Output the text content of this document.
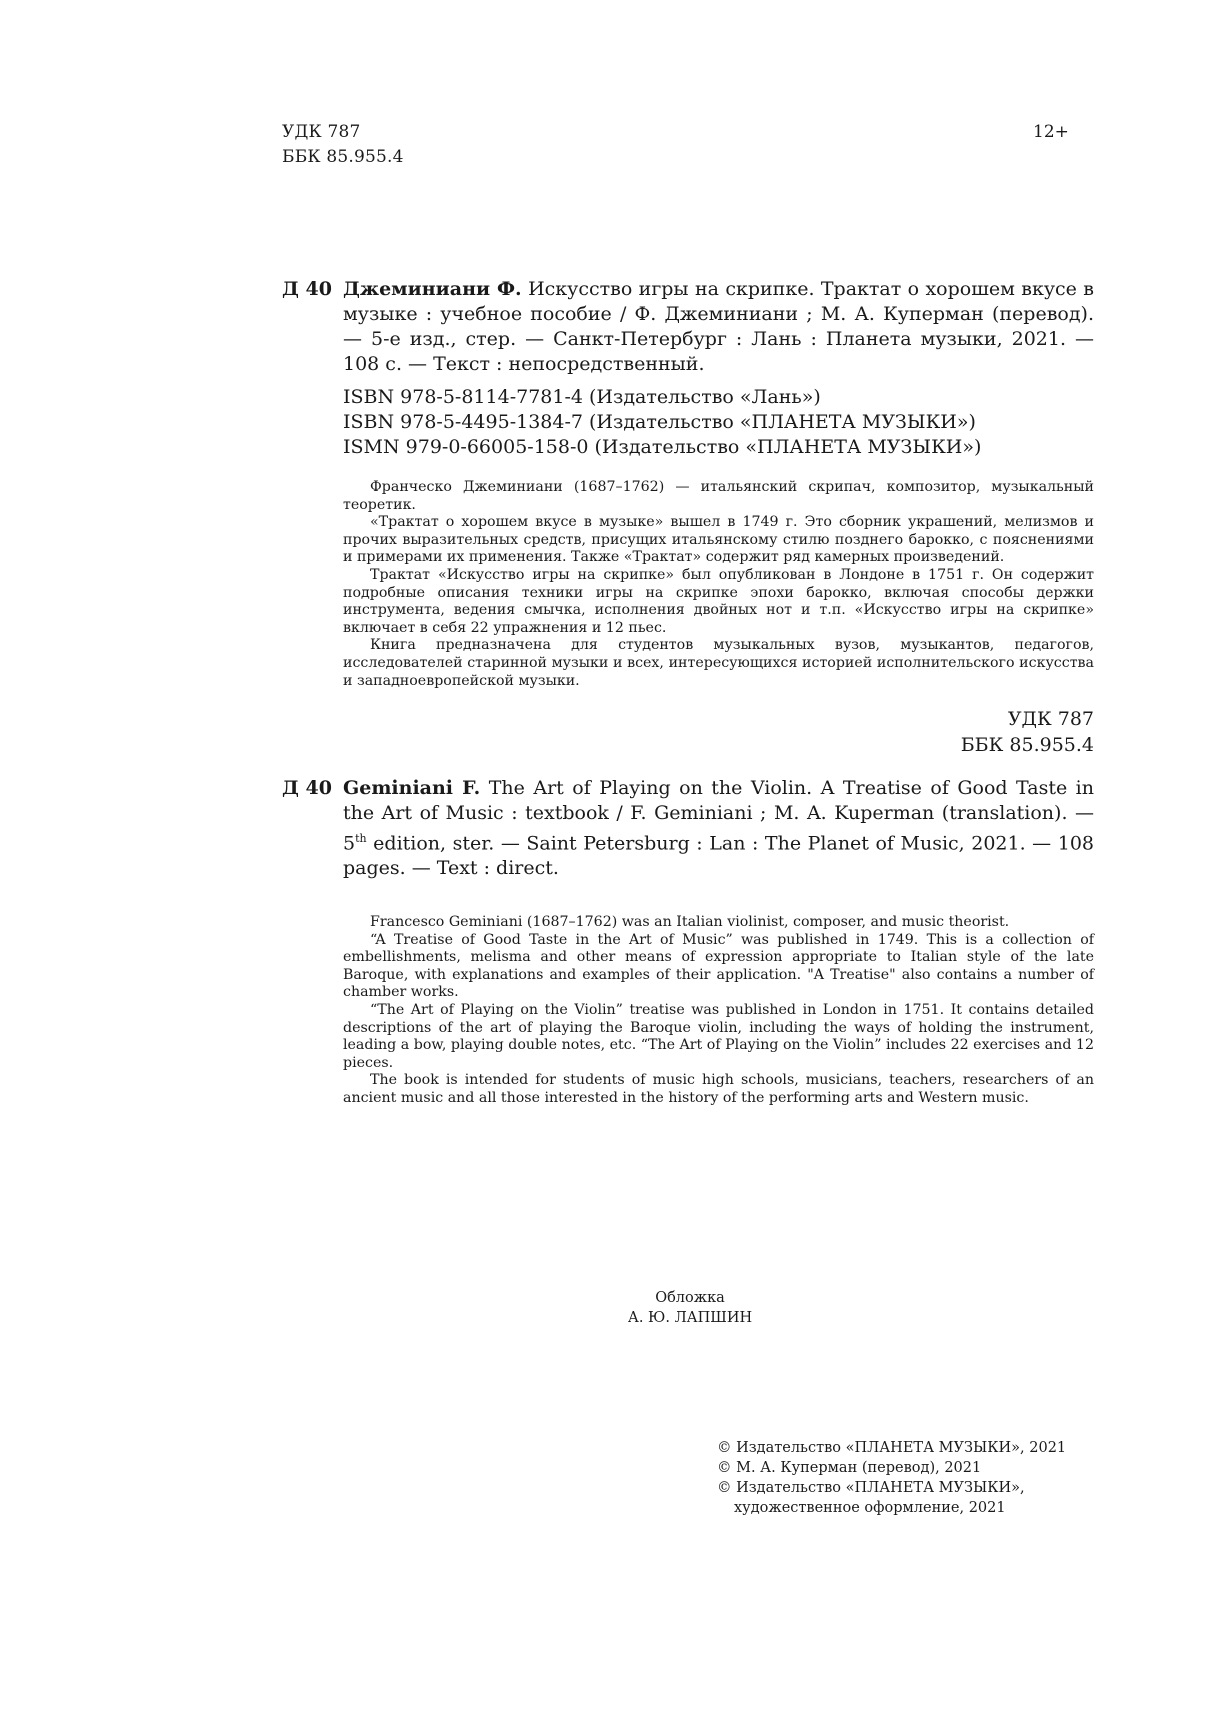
УДК 787
ББК 85.955.4
12+
Д 40 Джеминиани Ф. Искусство игры на скрипке. Трактат о хорошем вкусе в музыке : учебное пособие / Ф. Джеминиани ; М. А. Куперман (перевод). — 5-е изд., стер. — Санкт-Петербург : Лань : Планета музыки, 2021. — 108 с. — Текст : непосредственный.
ISBN 978-5-8114-7781-4 (Издательство «Лань»)
ISBN 978-5-4495-1384-7 (Издательство «ПЛАНЕТА МУЗЫКИ»)
ISMN 979-0-66005-158-0 (Издательство «ПЛАНЕТА МУЗЫКИ»)

Франческо Джеминиани (1687–1762) — итальянский скрипач, композитор, музыкальный теоретик.

«Трактат о хорошем вкусе в музыке» вышел в 1749 г. Это сборник украшений, мелизмов и прочих выразительных средств, присущих итальянскому стилю позднего барокко, с пояснениями и примерами их применения. Также «Трактат» содержит ряд камерных произведений.

Трактат «Искусство игры на скрипке» был опубликован в Лондоне в 1751 г. Он содержит подробные описания техники игры на скрипке эпохи барокко, включая способы держки инструмента, ведения смычка, исполнения двойных нот и т.п. «Искусство игры на скрипке» включает в себя 22 упражнения и 12 пьес.

Книга предназначена для студентов музыкальных вузов, музыкантов, педагогов, исследователей старинной музыки и всех, интересующихся историей исполнительского искусства и западноевропейской музыки.

УДК 787
ББК 85.955.4
Д 40 Geminiani F. The Art of Playing on the Violin. A Treatise of Good Taste in the Art of Music : textbook / F. Geminiani ; M. A. Kuperman (translation). — 5th edition, ster. — Saint Petersburg : Lan : The Planet of Music, 2021. — 108 pages. — Text : direct.

Francesco Geminiani (1687–1762) was an Italian violinist, composer, and music theorist.

“A Treatise of Good Taste in the Art of Music” was published in 1749. This is a collection of embellishments, melisma and other means of expression appropriate to Italian style of the late Baroque, with explanations and examples of their application. "A Treatise" also contains a number of chamber works.

“The Art of Playing on the Violin” treatise was published in London in 1751. It contains detailed descriptions of the art of playing the Baroque violin, including the ways of holding the instrument, leading a bow, playing double notes, etc. “The Art of Playing on the Violin” includes 22 exercises and 12 pieces.

The book is intended for students of music high schools, musicians, teachers, researchers of an ancient music and all those interested in the history of the performing arts and Western music.

Обложка
А. Ю. ЛАПШИН
© Издательство «ПЛАНЕТА МУЗЫКИ», 2021
© М. А. Куперман (перевод), 2021
© Издательство «ПЛАНЕТА МУЗЫКИ», художественное оформление, 2021
